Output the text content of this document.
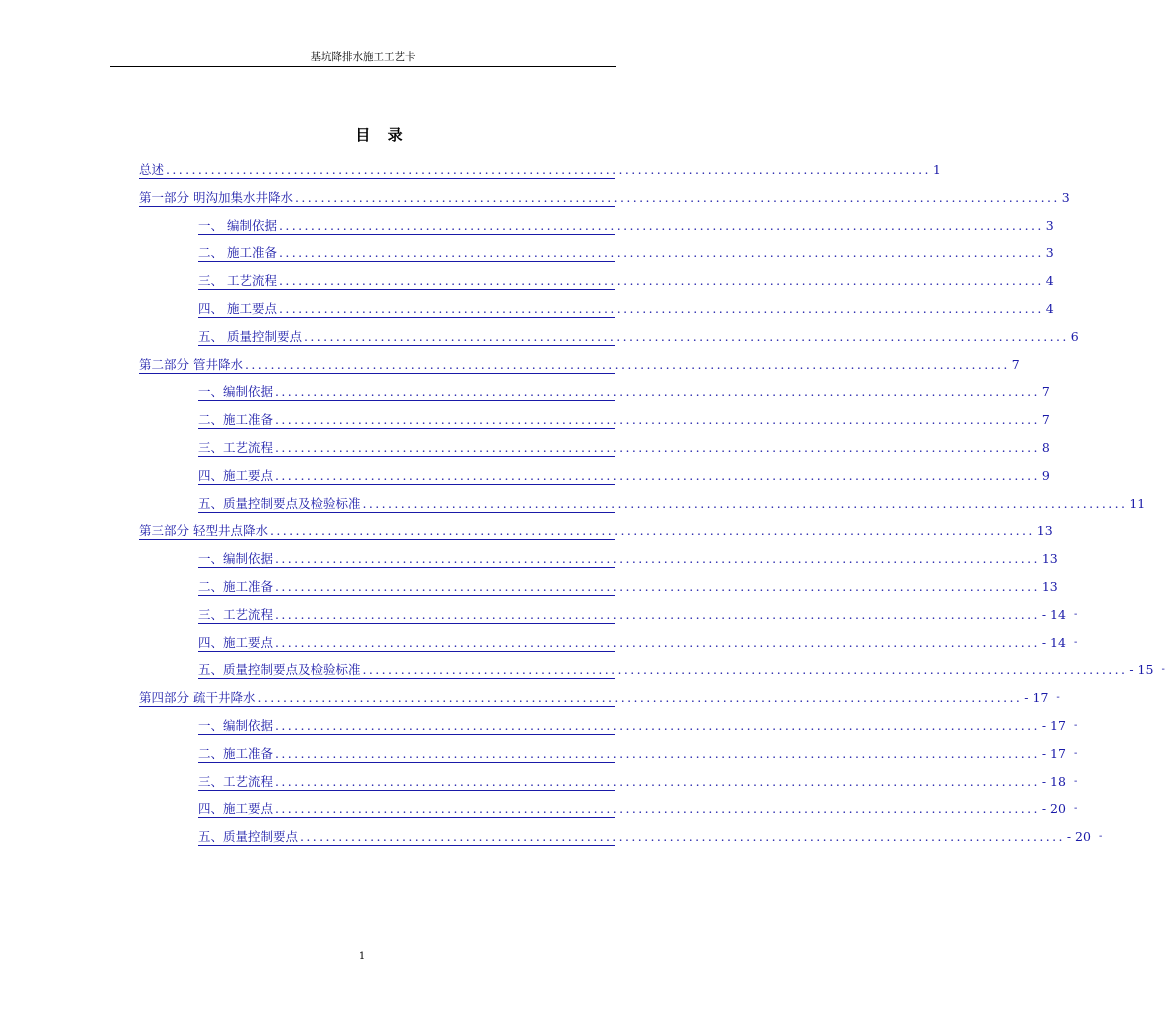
基坑降排水施工工艺卡
目 录
总述 ........................................................................................................................ 1
第一部分 明沟加集水井降水 ........................................................................................................................ 3
一、 编制依据 ........................................................................................................................ 3
二、 施工准备 ........................................................................................................................ 3
三、 工艺流程 ........................................................................................................................ 4
四、 施工要点 ........................................................................................................................ 4
五、 质量控制要点 ........................................................................................................................ 6
第二部分 管井降水 ........................................................................................................................ 7
一、编制依据 ........................................................................................................................ 7
二、施工准备 ........................................................................................................................ 7
三、工艺流程 ........................................................................................................................ 8
四、施工要点 ........................................................................................................................ 9
五、质量控制要点及检验标准 ........................................................................................................................ 11
第三部分 轻型井点降水 ........................................................................................................................ 13
一、编制依据 ........................................................................................................................ 13
二、施工准备 ........................................................................................................................ 13
三、工艺流程 ........................................................................................................................ - 14 -
四、施工要点 ........................................................................................................................ - 14 -
五、质量控制要点及检验标准 ........................................................................................................................ - 15 -
第四部分 疏干井降水 ........................................................................................................................ - 17 -
一、编制依据 ........................................................................................................................ - 17 -
二、施工准备 ........................................................................................................................ - 17 -
三、工艺流程 ........................................................................................................................ - 18 -
四、施工要点 ........................................................................................................................ - 20 -
五、质量控制要点 ........................................................................................................................ - 20 -
1
